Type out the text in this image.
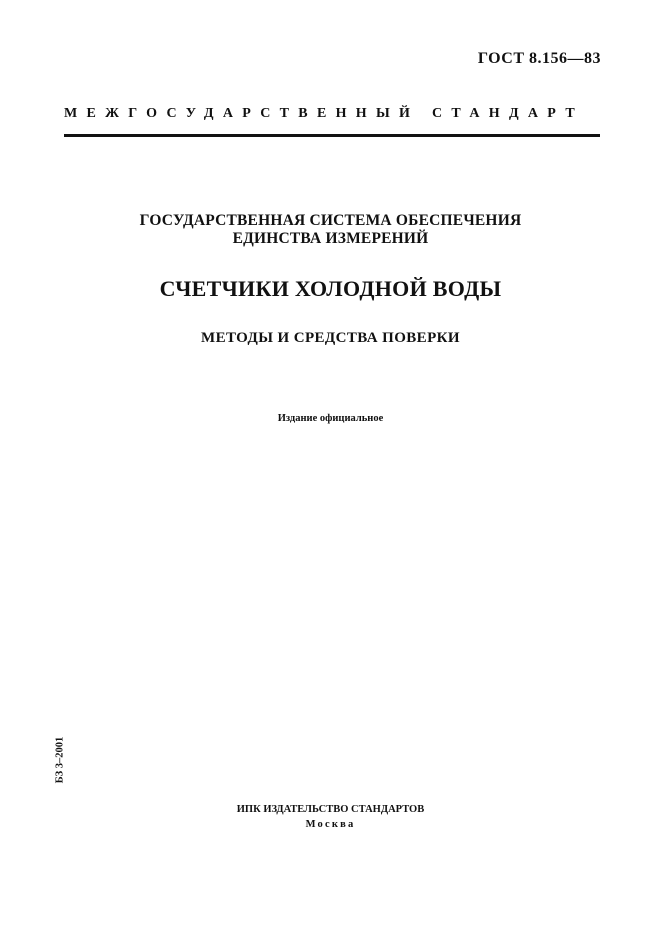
ГОСТ 8.156—83
МЕЖГОСУДАРСТВЕННЫЙ СТАНДАРТ
ГОСУДАРСТВЕННАЯ СИСТЕМА ОБЕСПЕЧЕНИЯ
ЕДИНСТВА ИЗМЕРЕНИЙ
СЧЕТЧИКИ ХОЛОДНОЙ ВОДЫ
МЕТОДЫ И СРЕДСТВА ПОВЕРКИ
Издание официальное
БЗ 3–2001
ИПК ИЗДАТЕЛЬСТВО СТАНДАРТОВ
Москва
